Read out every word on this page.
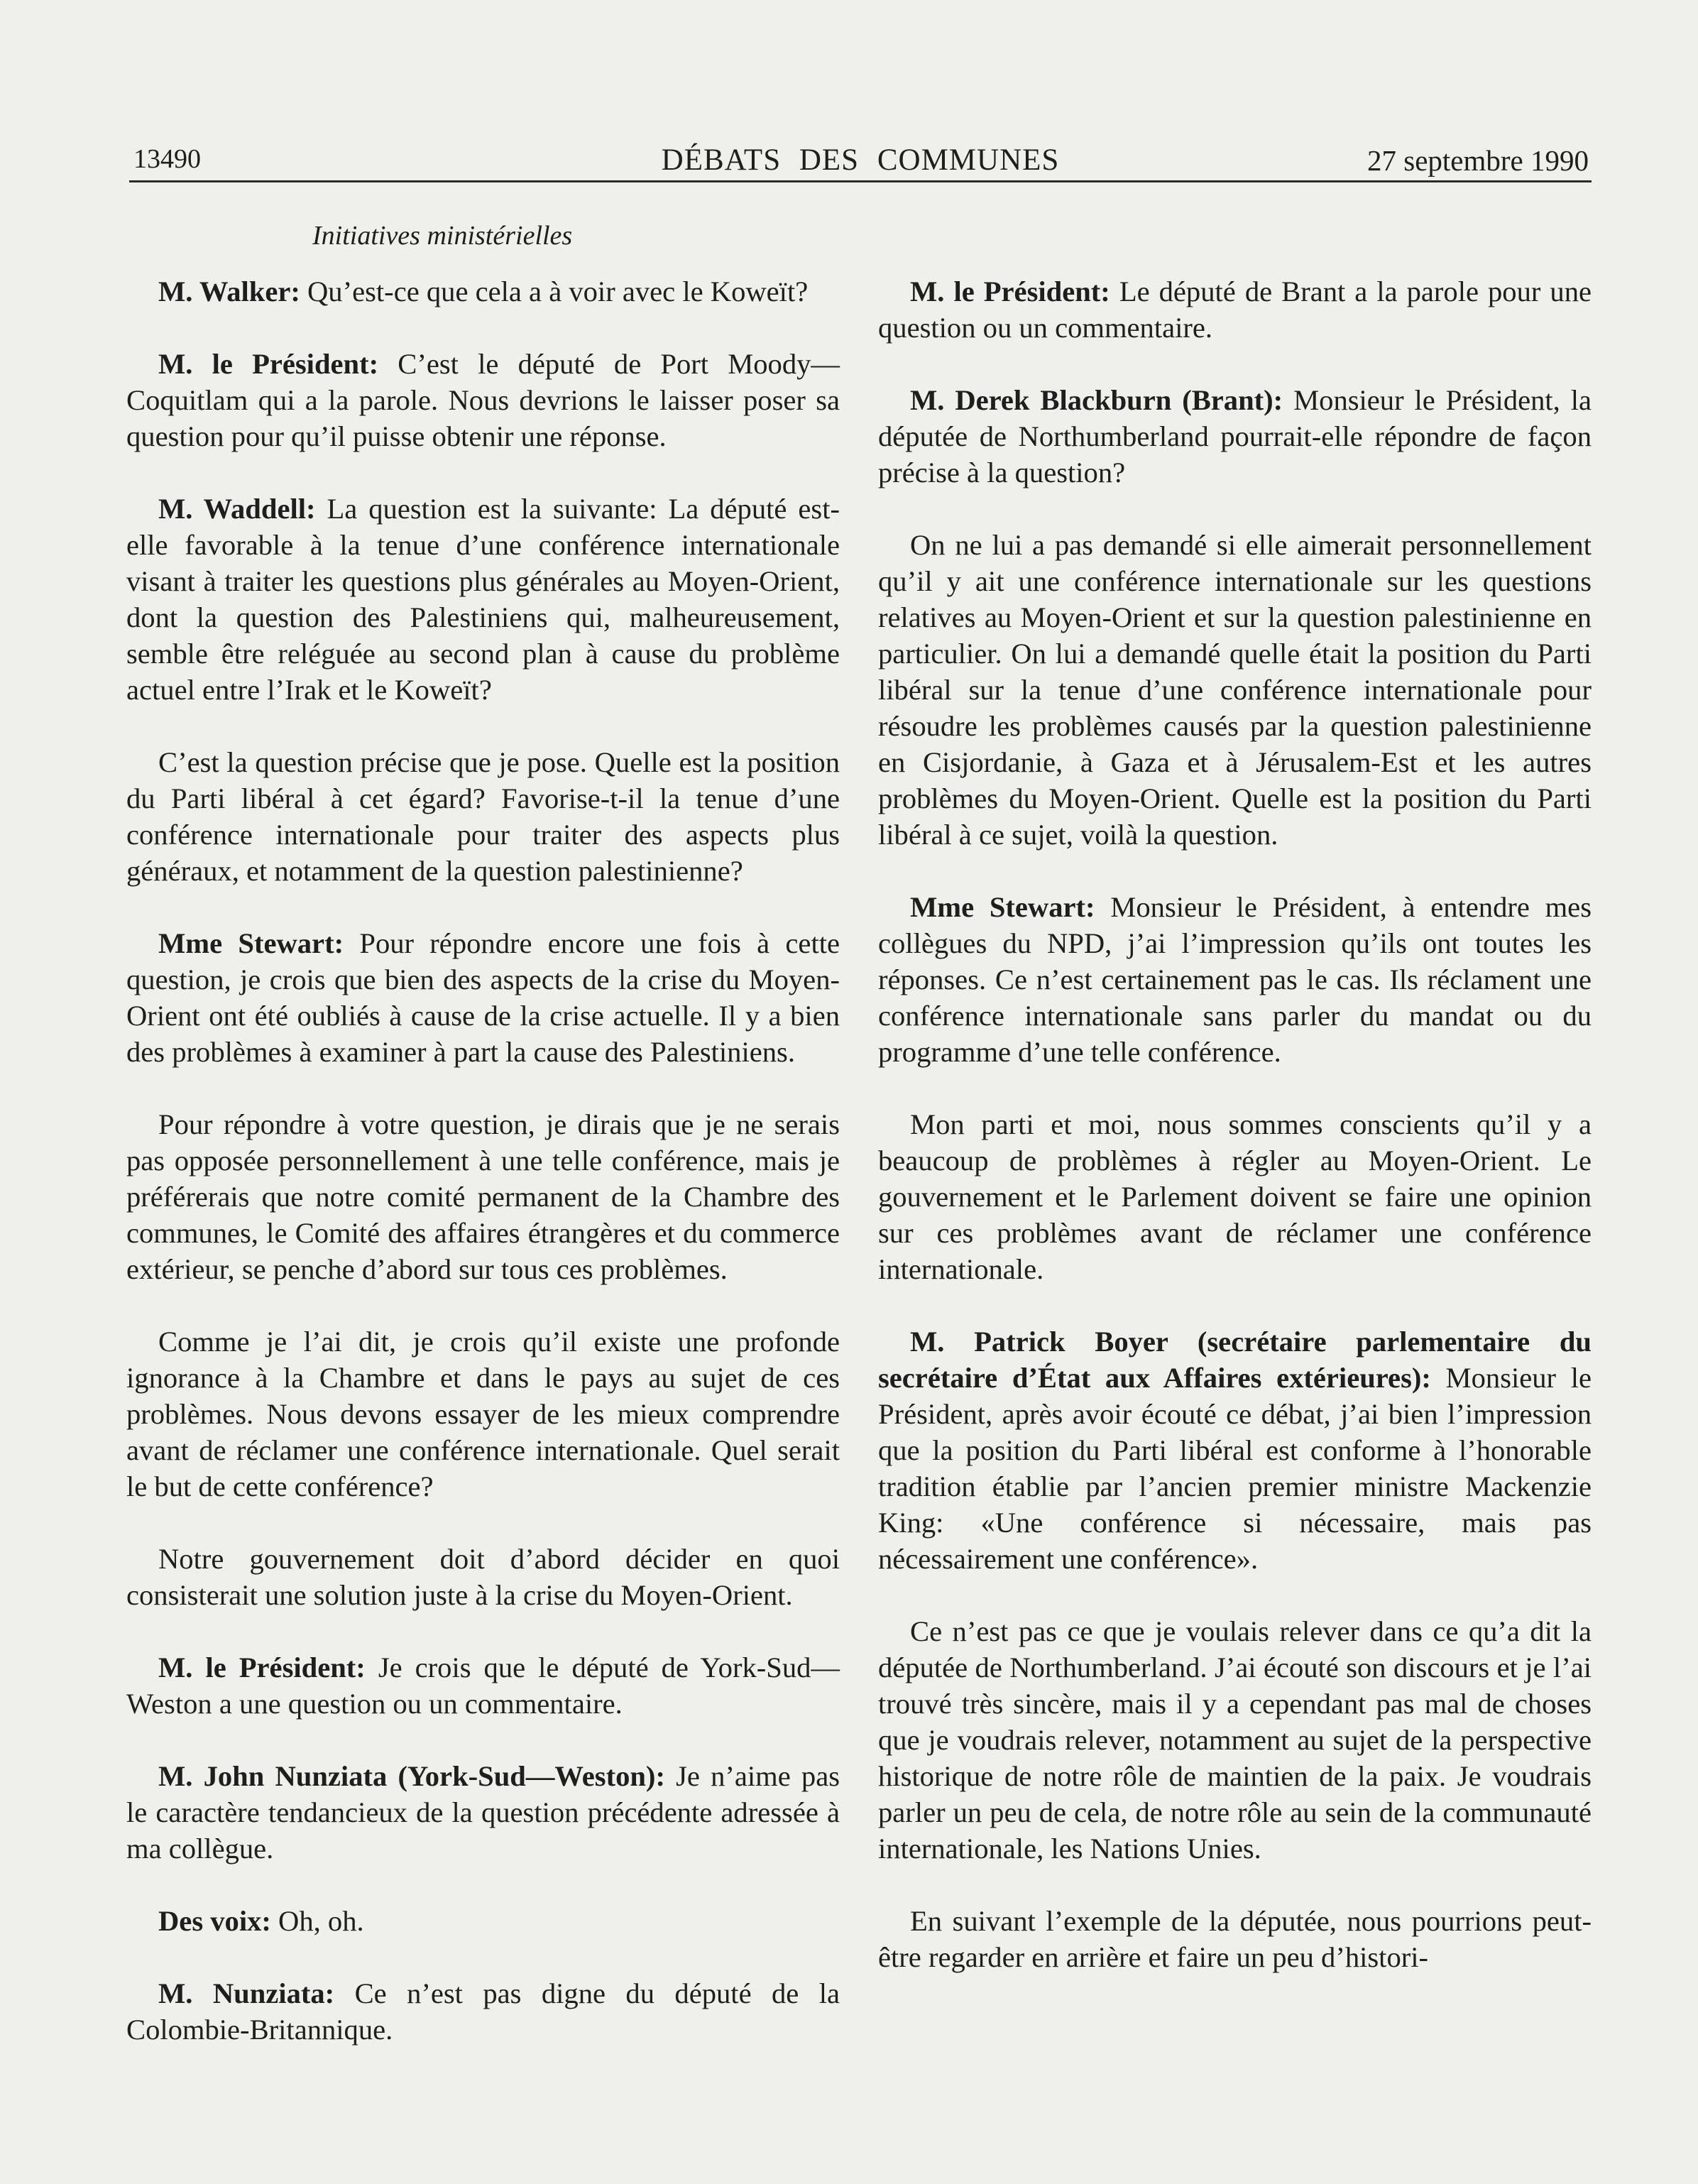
13490	DÉBATS DES COMMUNES	27 septembre 1990
Initiatives ministérielles

M. Walker: Qu’est-ce que cela a à voir avec le Koweït?

M. le Président: C’est le député de Port Moody—Coquitlam qui a la parole. Nous devrions le laisser poser sa question pour qu’il puisse obtenir une réponse.

M. Waddell: La question est la suivante: La député est-elle favorable à la tenue d’une conférence internationale visant à traiter les questions plus générales au Moyen-Orient, dont la question des Palestiniens qui, malheureusement, semble être reléguée au second plan à cause du problème actuel entre l’Irak et le Koweït?

C’est la question précise que je pose. Quelle est la position du Parti libéral à cet égard? Favorise-t-il la tenue d’une conférence internationale pour traiter des aspects plus généraux, et notamment de la question palestinienne?

Mme Stewart: Pour répondre encore une fois à cette question, je crois que bien des aspects de la crise du Moyen-Orient ont été oubliés à cause de la crise actuelle. Il y a bien des problèmes à examiner à part la cause des Palestiniens.

Pour répondre à votre question, je dirais que je ne serais pas opposée personnellement à une telle conférence, mais je préférerais que notre comité permanent de la Chambre des communes, le Comité des affaires étrangères et du commerce extérieur, se penche d’abord sur tous ces problèmes.

Comme je l’ai dit, je crois qu’il existe une profonde ignorance à la Chambre et dans le pays au sujet de ces problèmes. Nous devons essayer de les mieux comprendre avant de réclamer une conférence internationale. Quel serait le but de cette conférence?

Notre gouvernement doit d’abord décider en quoi consisterait une solution juste à la crise du Moyen-Orient.

M. le Président: Je crois que le député de York-Sud—Weston a une question ou un commentaire.

M. John Nunziata (York-Sud—Weston): Je n’aime pas le caractère tendancieux de la question précédente adressée à ma collègue.

Des voix: Oh, oh.

M. Nunziata: Ce n’est pas digne du député de la Colombie-Britannique.

M. le Président: Le député de Brant a la parole pour une question ou un commentaire.

M. Derek Blackburn (Brant): Monsieur le Président, la députée de Northumberland pourrait-elle répondre de façon précise à la question?

On ne lui a pas demandé si elle aimerait personnellement qu’il y ait une conférence internationale sur les questions relatives au Moyen-Orient et sur la question palestinienne en particulier. On lui a demandé quelle était la position du Parti libéral sur la tenue d’une conférence internationale pour résoudre les problèmes causés par la question palestinienne en Cisjordanie, à Gaza et à Jérusalem-Est et les autres problèmes du Moyen-Orient. Quelle est la position du Parti libéral à ce sujet, voilà la question.

Mme Stewart: Monsieur le Président, à entendre mes collègues du NPD, j’ai l’impression qu’ils ont toutes les réponses. Ce n’est certainement pas le cas. Ils réclament une conférence internationale sans parler du mandat ou du programme d’une telle conférence.

Mon parti et moi, nous sommes conscients qu’il y a beaucoup de problèmes à régler au Moyen-Orient. Le gouvernement et le Parlement doivent se faire une opinion sur ces problèmes avant de réclamer une conférence internationale.

M. Patrick Boyer (secrétaire parlementaire du secrétaire d’État aux Affaires extérieures): Monsieur le Président, après avoir écouté ce débat, j’ai bien l’impression que la position du Parti libéral est conforme à l’honorable tradition établie par l’ancien premier ministre Mackenzie King: «Une conférence si nécessaire, mais pas nécessairement une conférence».

Ce n’est pas ce que je voulais relever dans ce qu’a dit la députée de Northumberland. J’ai écouté son discours et je l’ai trouvé très sincère, mais il y a cependant pas mal de choses que je voudrais relever, notamment au sujet de la perspective historique de notre rôle de maintien de la paix. Je voudrais parler un peu de cela, de notre rôle au sein de la communauté internationale, les Nations Unies.

En suivant l’exemple de la députée, nous pourrions peut-être regarder en arrière et faire un peu d’histori-
